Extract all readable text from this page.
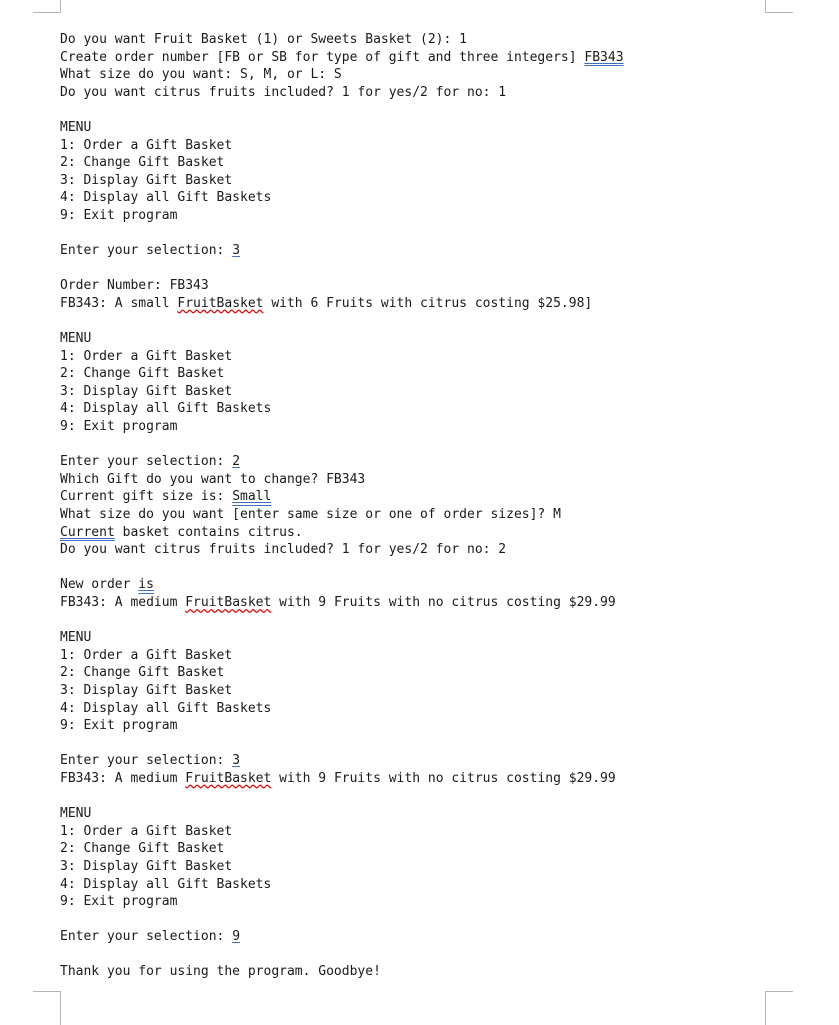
Do you want Fruit Basket (1) or Sweets Basket (2): 1
Create order number [FB or SB for type of gift and three integers] FB343
What size do you want: S, M, or L: S
Do you want citrus fruits included? 1 for yes/2 for no: 1
MENU
1: Order a Gift Basket
2: Change Gift Basket
3: Display Gift Basket
4: Display all Gift Baskets
9: Exit program
Enter your selection: 3
Order Number: FB343
FB343: A small FruitBasket with 6 Fruits with citrus costing $25.98]
MENU
1: Order a Gift Basket
2: Change Gift Basket
3: Display Gift Basket
4: Display all Gift Baskets
9: Exit program
Enter your selection: 2
Which Gift do you want to change? FB343
Current gift size is: Small
What size do you want [enter same size or one of order sizes]? M
Current basket contains citrus.
Do you want citrus fruits included? 1 for yes/2 for no: 2
New order is
FB343: A medium FruitBasket with 9 Fruits with no citrus costing $29.99
MENU
1: Order a Gift Basket
2: Change Gift Basket
3: Display Gift Basket
4: Display all Gift Baskets
9: Exit program
Enter your selection: 3
FB343: A medium FruitBasket with 9 Fruits with no citrus costing $29.99
MENU
1: Order a Gift Basket
2: Change Gift Basket
3: Display Gift Basket
4: Display all Gift Baskets
9: Exit program
Enter your selection: 9
Thank you for using the program. Goodbye!
